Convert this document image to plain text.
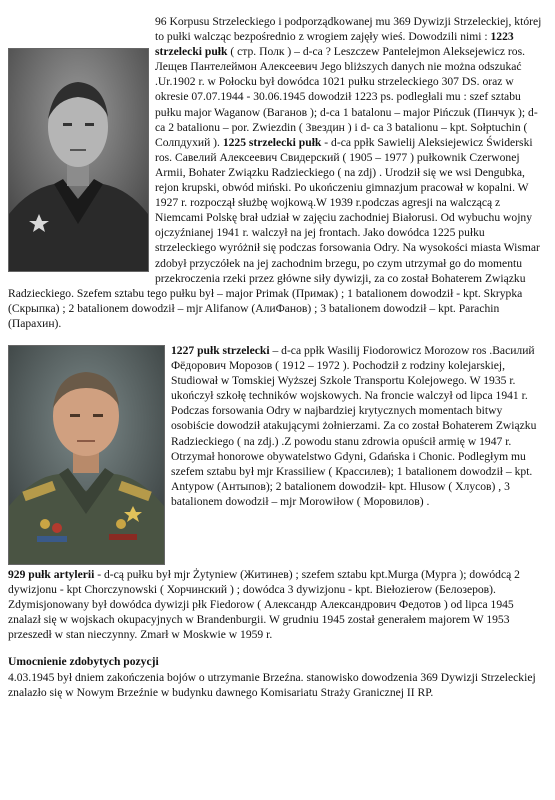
96 Korpusu Strzeleckiego i podporządkowanej mu 369 Dywizji Strzeleckiej, której to pułki walcząc bezpośrednio z wrogiem zajęły wieś. Dowodzili nimi : 1223 strzelecki pułk ( стр. Полк ) – d-ca ? Leszczew Pantelejmon Aleksejewicz ros. Лещев Пантелеймон Алексеевич Jego bliższych danych nie można odszukać .Ur.1902 r. w Połocku był dowódca 1021 pułku strzeleckiego 307 DS. oraz w okresie 07.07.1944 - 30.06.1945 dowodził 1223 ps. podległali mu : szef sztabu pułku major Waganow (Ваганов ); d-ca 1 batalonu – major Pińczuk (Пинчук ); d-ca 2 batalionu – por. Zwiezdin ( Звездин ) i d- ca 3 batalionu – kpt. Sołptuchin ( Солпдухий ). 1225 strzelecki pułk - d-ca ppłk Sawielij Aleksiejewicz Świderski ros. Савелий Алексеевич Свидерский ( 1905 – 1977 ) pułkownik Czerwonej Armii, Bohater Związku Radzieckiego ( na zdj) . Urodził się we wsi Dengubka, rejon krupski, obwód miński. Po ukończeniu gimnazjum pracował w kopalni. W 1927 r. rozpoczął służbę wojkową.W 1939 r.podczas agresji na walczącą z Niemcami Polskę brał udział w zajęciu zachodniej Białorusi. Od wybuchu wojny ojczyźnianej 1941 r. walczył na jej frontach. Jako dowódca 1225 pułku strzeleckiego wyróżnił się podczas forsowania Odry. Na wysokości miasta Wismar zdobył przyczółek na jej zachodnim brzegu, po czym utrzymał go do momentu przekroczenia rzeki przez główne siły dywizji, za co został Bohaterem Związku Radzieckiego. Szefem sztabu tego pułku był – major Primak (Примак) ; 1 batalionem dowodził - kpt. Skrypka (Скрыпка) ; 2 batalionem dowodził – mjr Alifanow (АлиФанов) ; 3 batalionem dowodził – kpt. Parachin (Парахин).

1227 pułk strzelecki – d-ca ppłk Wasilij Fiodorowicz Morozow ros .Василий Фёдорович Морозов ( 1912 – 1972 ). Pochodził z rodziny kolejarskiej, Studiował w Tomskiej Wyższej Szkole Transportu Kolejowego. W 1935 r. ukończył szkołę techników wojskowych. Na froncie walczył od lipca 1941 r. Podczas forsowania Odry w najbardziej krytycznych momentach bitwy osobiście dowodził atakującymi żołnierzami. Za co został Bohaterem Związku Radzieckiego ( na zdj.) .Z powodu stanu zdrowia opuścił armię w 1947 r. Otrzymał honorowe obywatelstwo Gdyni, Gdańska i Chonic. Podległym mu szefem sztabu był mjr Krassiliew ( Крассилев); 1 batalionem dowodził – kpt. Antypow (Антыпов); 2 batalionem dowodził- kpt. Hlusow ( Хлусов) , 3 batalionem dowodził – mjr Morowiłow ( Моровилов) .

929 pułk artylerii - d-cą pułku był mjr Żytyniew (Житинев) ; szefem sztabu kpt.Murga (Мурга ); dowódcą 2 dywizjonu - kpt Chorczynowski ( Хорчинский ) ; dowódca 3 dywizjonu - kpt. Biełozierow (Белозеров).

Zdymisjonowany był dowódca dywizji płk Fiedorow ( Александр Александрович Федотов ) od lipca 1945 znalazł się w wojskach okupacyjnych w Brandenburgii. W grudniu 1945 został generałem majorem W 1953 przeszedł w stan nieczynny. Zmarł w Moskwie w 1959 r.

Umocnienie zdobytych pozycji

4.03.1945 był dniem zakończenia bojów o utrzymanie Brzeźna. stanowisko dowodzenia 369 Dywizji Strzeleckiej znalazło się w Nowym Brzeźnie w budynku dawnego Komisariatu Straży Granicznej II RP.
